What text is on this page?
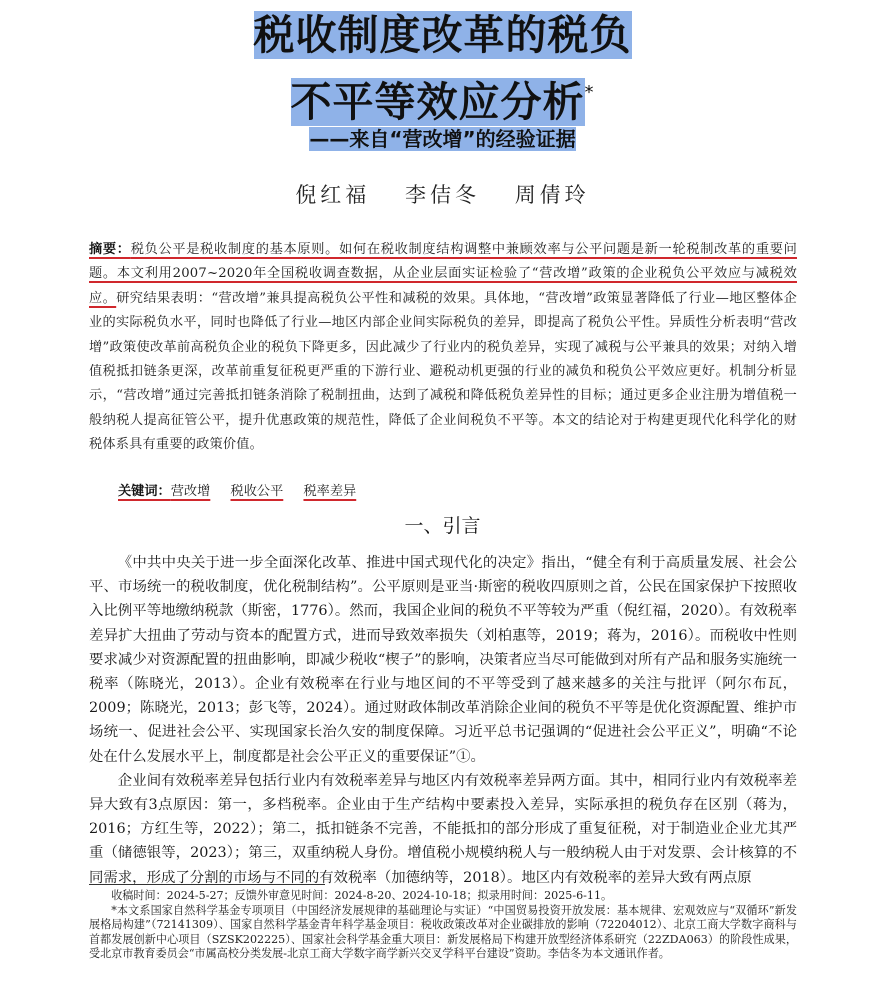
税收制度改革的税负
不平等效应分析*
——来自“营改增”的经验证据
倪红福 李佶冬 周倩玲
摘要：税负公平是税收制度的基本原则。如何在税收制度结构调整中兼顾效率与公平问题是新一轮税制改革的重要问题。本文利用2007~2020年全国税收调查数据，从企业层面实证检验了“营改增”政策的企业税负公平效应与减税效应。研究结果表明：“营改增”兼具提高税负公平性和减税的效果。具体地，“营改增”政策显著降低了行业—地区整体企业的实际税负水平，同时也降低了行业—地区内部企业间实际税负的差异，即提高了税负公平性。异质性分析表明“营改增”政策使改革前高税负企业的税负下降更多，因此减少了行业内的税负差异，实现了减税与公平兼具的效果；对纳入增值税抵扣链条更深，改革前重复征税更严重的下游行业、避税动机更强的行业的减负和税负公平效应更好。机制分析显示，“营改增”通过完善抵扣链条消除了税制扭曲，达到了减税和降低税负差异性的目标；通过更多企业注册为增值税一般纳税人提高征管公平，提升优惠政策的规范性，降低了企业间税负不平等。本文的结论对于构建更现代化科学化的财税体系具有重要的政策价值。
关键词：营改增 税收公平 税率差异
一、引言

《中共中央关于进一步全面深化改革、推进中国式现代化的决定》指出，“健全有利于高质量发展、社会公平、市场统一的税收制度，优化税制结构”。公平原则是亚当·斯密的税收四原则之首，公民在国家保护下按照收入比例平等地缴纳税款（斯密，1776）。然而，我国企业间的税负不平等较为严重（倪红福，2020）。有效税率差异扩大扭曲了劳动与资本的配置方式，进而导致效率损失（刘柏惠等，2019；蒋为，2016）。而税收中性则要求减少对资源配置的扭曲影响，即减少税收“楔子”的影响，决策者应当尽可能做到对所有产品和服务实施统一税率（陈晓光，2013）。企业有效税率在行业与地区间的不平等受到了越来越多的关注与批评（阿尔布瓦，2009；陈晓光，2013；彭飞等，2024）。通过财政体制改革消除企业间的税负不平等是优化资源配置、维护市场统一、促进社会公平、实现国家长治久安的制度保障。习近平总书记强调的“促进社会公平正义”，明确“不论处在什么发展水平上，制度都是社会公平正义的重要保证”①。

企业间有效税率差异包括行业内有效税率差异与地区内有效税率差异两方面。其中，相同行业内有效税率差异大致有3点原因：第一，多档税率。企业由于生产结构中要素投入差异，实际承担的税负存在区别（蒋为，2016；方红生等，2022）；第二，抵扣链条不完善，不能抵扣的部分形成了重复征税，对于制造业企业尤其严重（储德银等，2023）；第三，双重纳税人身份。增值税小规模纳税人与一般纳税人由于对发票、会计核算的不同需求，形成了分割的市场与不同的有效税率（加德纳等，2018）。地区内有效税率的差异大致有两点原

收稿时间：2024-5-27；反馈外审意见时间：2024-8-20、2024-10-18；拟录用时间：2025-6-11。

*本文系国家自然科学基金专项项目（中国经济发展规律的基础理论与实证）“中国贸易投资开放发展：基本规律、宏观效应与“双循环”新发展格局构建”（72141309）、国家自然科学基金青年科学基金项目：税收政策改革对企业碳排放的影响（72204012）、北京工商大学数字商科与首都发展创新中心项目（SZSK202225）、国家社会科学基金重大项目：新发展格局下构建开放型经济体系研究（22ZDA063）的阶段性成果，受北京市教育委员会“市属高校分类发展-北京工商大学数字商学新兴交叉学科平台建设”资助。李佶冬为本文通讯作者。
